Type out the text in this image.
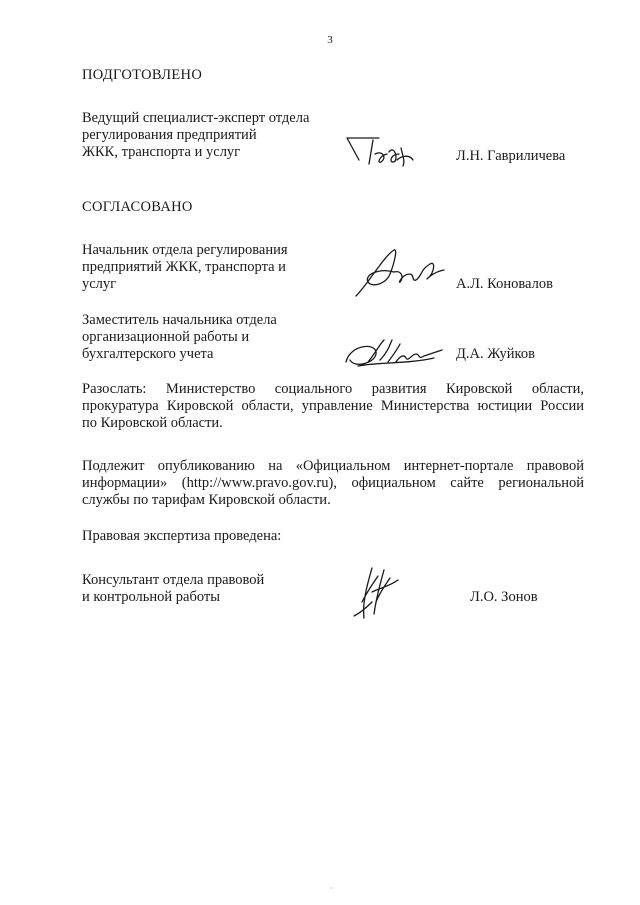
3
ПОДГОТОВЛЕНО
Ведущий специалист-эксперт отдела
регулирования предприятий
ЖКК, транспорта и услуг	Л.Н. Гавриличева
СОГЛАСОВАНО
Начальник отдела регулирования
предприятий ЖКК, транспорта и
услуг	А.Л. Коновалов
Заместитель начальника отдела
организационной работы и
бухгалтерского учета	Д.А. Жуйков
Разослать: Министерство социального развития Кировской области,
прокуратура Кировской области, управление Министерства юстиции России
по Кировской области.
Подлежит опубликованию на «Официальном интернет-портале правовой
информации» (http://www.pravo.gov.ru), официальном сайте региональной
службы по тарифам Кировской области.
Правовая экспертиза проведена:
Консультант отдела правовой
и контрольной работы	Л.О. Зонов
·
